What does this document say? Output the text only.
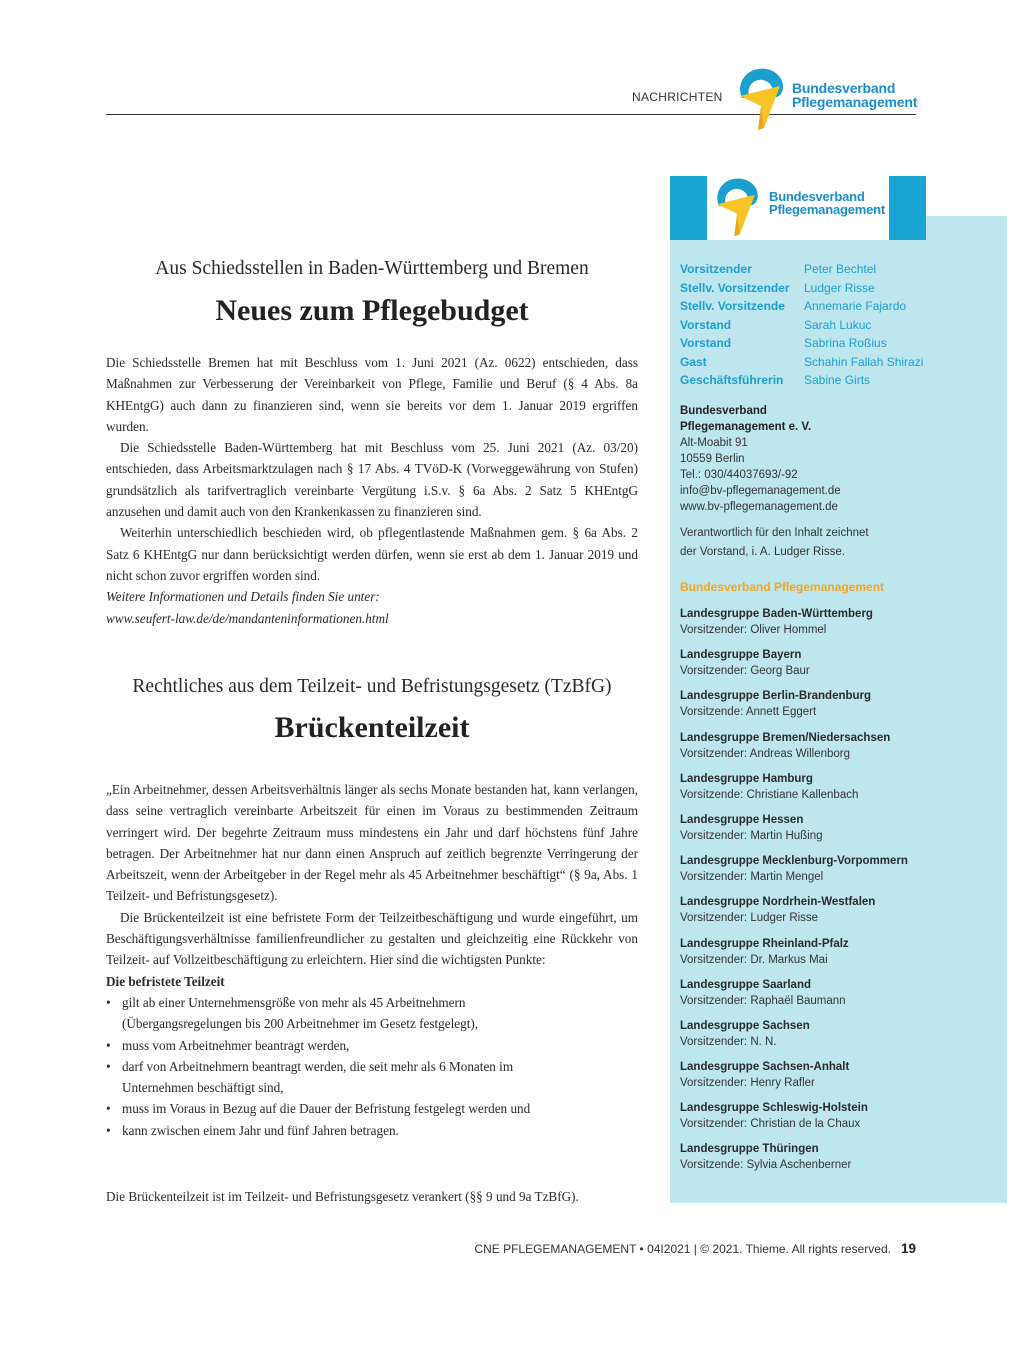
NACHRICHTEN
Bundesverband
Pflegemanagement
Aus Schiedsstellen in Baden-Württemberg und Bremen
Neues zum Pflegebudget

Die Schiedsstelle Bremen hat mit Beschluss vom 1. Juni 2021 (Az. 0622) entschieden, dass Maßnahmen zur Verbesserung der Vereinbarkeit von Pflege, Familie und Beruf (§ 4 Abs. 8a KHEntgG) auch dann zu finanzieren sind, wenn sie bereits vor dem 1. Januar 2019 ergriffen wurden.

Die Schiedsstelle Baden-Württemberg hat mit Beschluss vom 25. Juni 2021 (Az. 03/20) entschieden, dass Arbeitsmarktzulagen nach § 17 Abs. 4 TVöD-K (Vorweggewährung von Stufen) grundsätzlich als tarifvertraglich vereinbarte Vergütung i.S.v. § 6a Abs. 2 Satz 5 KHEntgG anzusehen und damit auch von den Krankenkassen zu finanzieren sind.

Weiterhin unterschiedlich beschieden wird, ob pflegentlastende Maßnahmen gem. § 6a Abs. 2 Satz 6 KHEntgG nur dann berücksichtigt werden dürfen, wenn sie erst ab dem 1. Januar 2019 und nicht schon zuvor ergriffen worden sind.

Weitere Informationen und Details finden Sie unter:

www.seufert-law.de/de/mandanteninformationen.html

Rechtliches aus dem Teilzeit- und Befristungsgesetz (TzBfG)
Brückenteilzeit

„Ein Arbeitnehmer, dessen Arbeitsverhältnis länger als sechs Monate bestanden hat, kann verlangen, dass seine vertraglich vereinbarte Arbeitszeit für einen im Voraus zu bestimmenden Zeitraum verringert wird. Der begehrte Zeitraum muss mindestens ein Jahr und darf höchstens fünf Jahre betragen. Der Arbeitnehmer hat nur dann einen Anspruch auf zeitlich begrenzte Verringerung der Arbeitszeit, wenn der Arbeitgeber in der Regel mehr als 45 Arbeitnehmer beschäftigt“ (§ 9a, Abs. 1 Teilzeit- und Befristungsgesetz).

Die Brückenteilzeit ist eine befristete Form der Teilzeitbeschäftigung und wurde eingeführt, um Beschäftigungsverhältnisse familienfreundlicher zu gestalten und gleichzeitig eine Rückkehr von Teilzeit- auf Vollzeitbeschäftigung zu erleichtern. Hier sind die wichtigsten Punkte:

Die befristete Teilzeit

• gilt ab einer Unternehmensgröße von mehr als 45 Arbeitnehmern (Übergangsregelungen bis 200 Arbeitnehmer im Gesetz festgelegt),
• muss vom Arbeitnehmer beantragt werden,
• darf von Arbeitnehmern beantragt werden, die seit mehr als 6 Monaten im Unternehmen beschäftigt sind,
• muss im Voraus in Bezug auf die Dauer der Befristung festgelegt werden und
• kann zwischen einem Jahr und fünf Jahren betragen.

Die Brückenteilzeit ist im Teilzeit- und Befristungsgesetz verankert (§§ 9 und 9a TzBfG).

Bundesverband
Pflegemanagement
Vorsitzender	Peter Bechtel
Stellv. Vorsitzender	Ludger Risse
Stellv. Vorsitzende	Annemarie Fajardo
Vorstand	Sarah Lukuc
Vorstand	Sabrina Roßius
Gast	Schahin Fallah Shirazi
Geschäftsführerin	Sabine Girts
Bundesverband
Pflegemanagement e. V.
Alt-Moabit 91
10559 Berlin
Tel.: 030/44037693/-92
info@bv-pflegemanagement.de
www.bv-pflegemanagement.de
Verantwortlich für den Inhalt zeichnet
der Vorstand, i. A. Ludger Risse.
Bundesverband Pflegemanagement
Landesgruppe Baden-Württemberg
Vorsitzender: Oliver Hommel
Landesgruppe Bayern
Vorsitzender: Georg Baur
Landesgruppe Berlin-Brandenburg
Vorsitzende: Annett Eggert
Landesgruppe Bremen/Niedersachsen
Vorsitzender: Andreas Willenborg
Landesgruppe Hamburg
Vorsitzende: Christiane Kallenbach
Landesgruppe Hessen
Vorsitzender: Martin Hußing
Landesgruppe Mecklenburg-Vorpommern
Vorsitzender: Martin Mengel
Landesgruppe Nordrhein-Westfalen
Vorsitzender: Ludger Risse
Landesgruppe Rheinland-Pfalz
Vorsitzender: Dr. Markus Mai
Landesgruppe Saarland
Vorsitzender: Raphaël Baumann
Landesgruppe Sachsen
Vorsitzender: N. N.
Landesgruppe Sachsen-Anhalt
Vorsitzender: Henry Rafler
Landesgruppe Schleswig-Holstein
Vorsitzender: Christian de la Chaux
Landesgruppe Thüringen
Vorsitzende: Sylvia Aschenberner
CNE PFLEGEMANAGEMENT • 04I2021 | © 2021. Thieme. All rights reserved. 19
